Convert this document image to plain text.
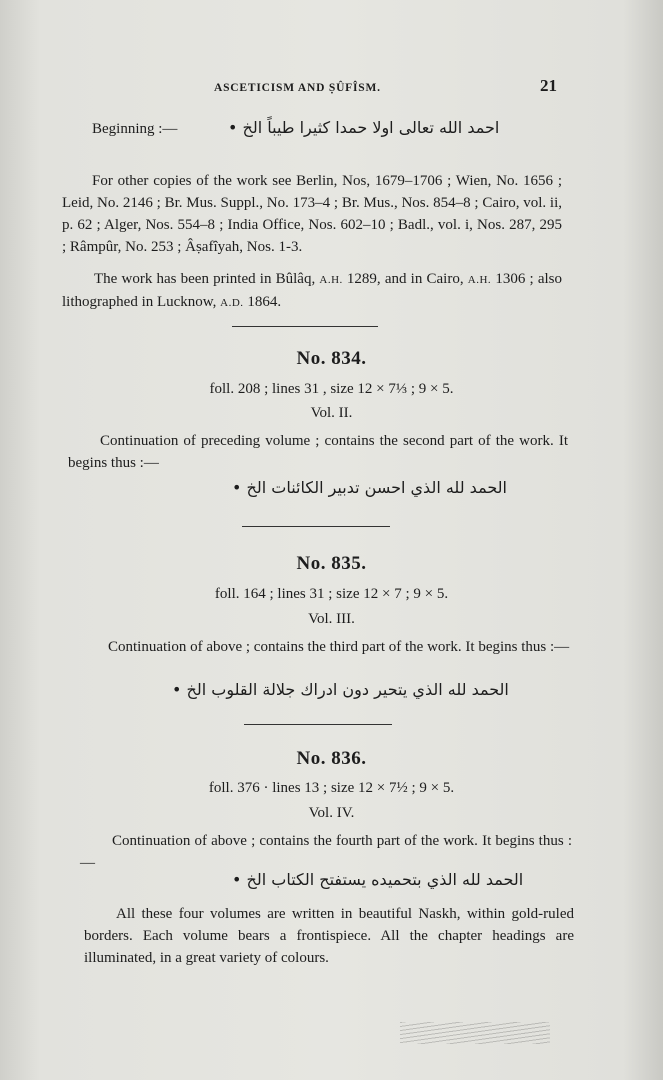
ASCETICISM AND ṢÛFÎSM.	21
Beginning :—	احمد الله تعالى اولا حمدا كثيرا طيباً الخ •
For other copies of the work see Berlin, Nos, 1679–1706 ; Wien, No. 1656 ; Leid, No. 2146 ; Br. Mus. Suppl., No. 173–4 ; Br. Mus., Nos. 854–8 ; Cairo, vol. ii, p. 62 ; Alger, Nos. 554–8 ; India Office, Nos. 602–10 ; Badl., vol. i, Nos. 287, 295 ; Râmpûr, No. 253 ; Âṣafîyah, Nos. 1-3.
The work has been printed in Bûlâq, A.H. 1289, and in Cairo, A.H. 1306 ; also lithographed in Lucknow, A.D. 1864.
No. 834.
foll. 208 ; lines 31 , size 12 × 7⅓ ; 9 × 5.
Vol. II.
Continuation of preceding volume ; contains the second part of the work. It begins thus :—
الحمد لله الذي احسن تدبير الكائنات الخ •
No. 835.
foll. 164 ; lines 31 ; size 12 × 7 ; 9 × 5.
Vol. III.
Continuation of above ; contains the third part of the work. It begins thus :—
الحمد لله الذي يتحير دون ادراك جلالة القلوب الخ •
No. 836.
foll. 376 · lines 13 ; size 12 × 7½ ; 9 × 5.
Vol. IV.
Continuation of above ; contains the fourth part of the work. It begins thus :—
الحمد لله الذي بتحميده يستفتح الكتاب الخ •
All these four volumes are written in beautiful Naskh, within gold-ruled borders. Each volume bears a frontispiece. All the chapter headings are illuminated, in a great variety of colours.
